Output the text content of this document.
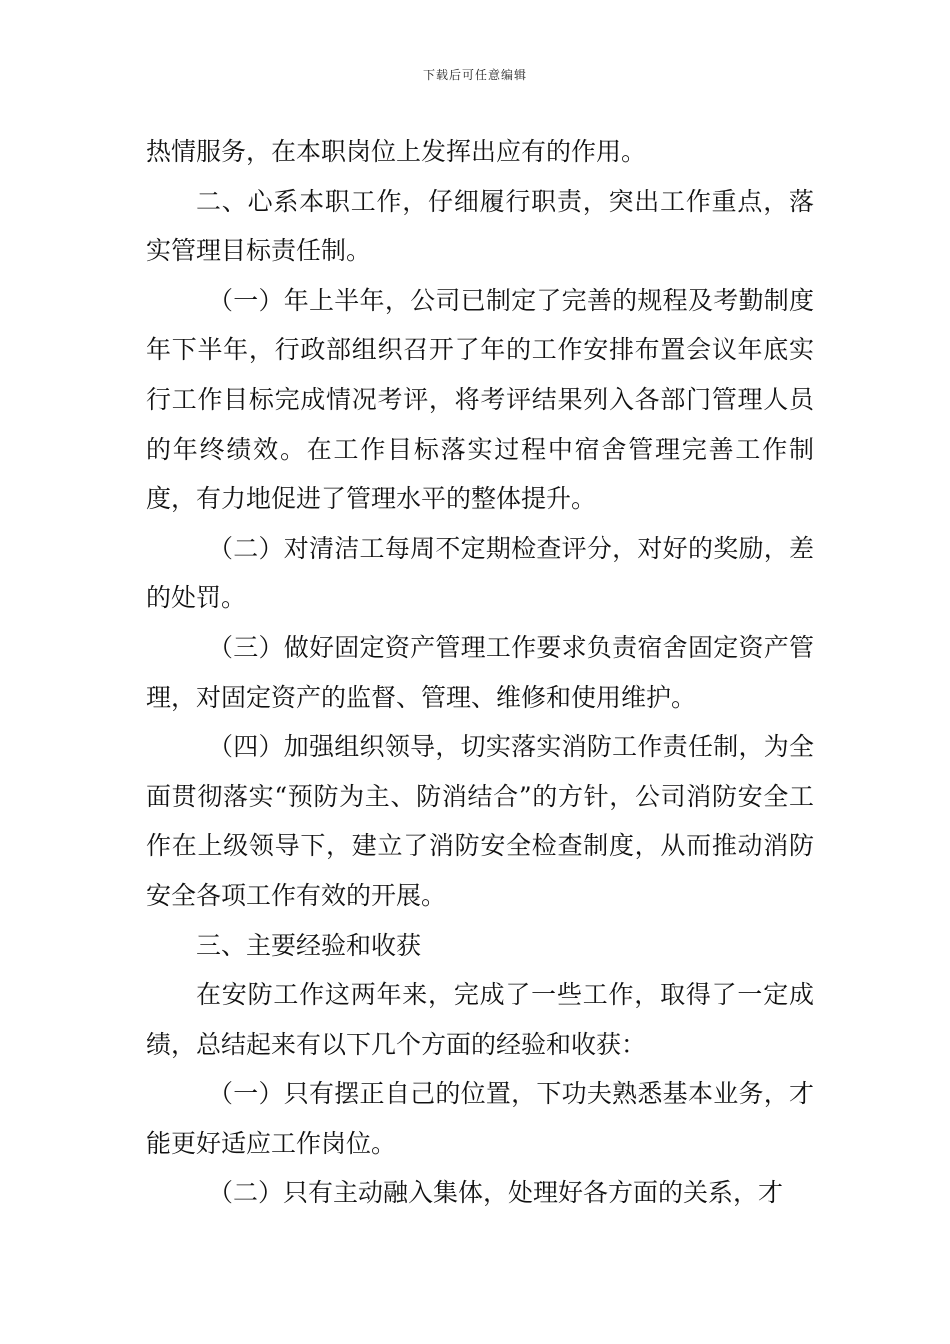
下载后可任意编辑

热情服务，在本职岗位上发挥出应有的作用。

二、心系本职工作，仔细履行职责，突出工作重点，落实管理目标责任制。

（一）年上半年，公司已制定了完善的规程及考勤制度年下半年，行政部组织召开了年的工作安排布置会议年底实行工作目标完成情况考评，将考评结果列入各部门管理人员的年终绩效。在工作目标落实过程中宿舍管理完善工作制度，有力地促进了管理水平的整体提升。

（二）对清洁工每周不定期检查评分，对好的奖励，差的处罚。

（三）做好固定资产管理工作要求负责宿舍固定资产管理，对固定资产的监督、管理、维修和使用维护。

（四）加强组织领导，切实落实消防工作责任制，为全面贯彻落实“预防为主、防消结合”的方针，公司消防安全工作在上级领导下，建立了消防安全检查制度，从而推动消防安全各项工作有效的开展。

三、主要经验和收获

在安防工作这两年来，完成了一些工作，取得了一定成绩，总结起来有以下几个方面的经验和收获：

（一）只有摆正自己的位置，下功夫熟悉基本业务，才能更好适应工作岗位。

（二）只有主动融入集体，处理好各方面的关系，才
